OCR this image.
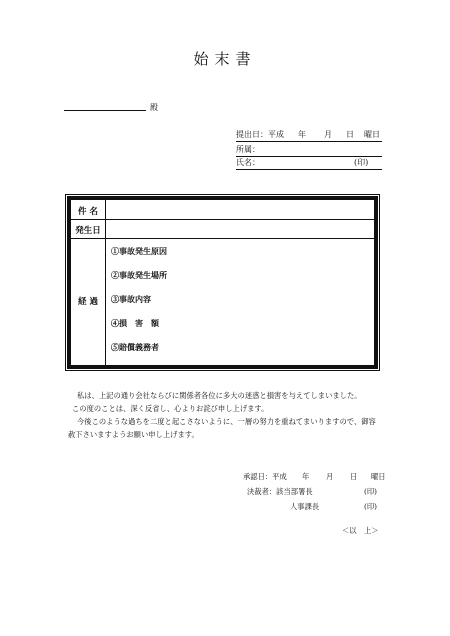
始末書
殿
提出日：平成 年 月 日 曜日
所属：
氏名：	(印)
件 名
発生日
経 過
①事故発生原因
②事故発生場所
③事故内容
④損　害　額
⑤賠償義務者
私は、上記の通り会社ならびに関係者各位に多大の迷惑と損害を与えてしまいました。
この度のことは、深く反省し、心よりお詫び申し上げます。
今後このような過ちを二度と起こさないように、一層の努力を重ねてまいりますので、御容
赦下さいますようお願い申し上げます。
承認日：平成 年 月 日 曜日
決裁者：該当部署長	(印)
人事課長	(印)
＜以　上＞
